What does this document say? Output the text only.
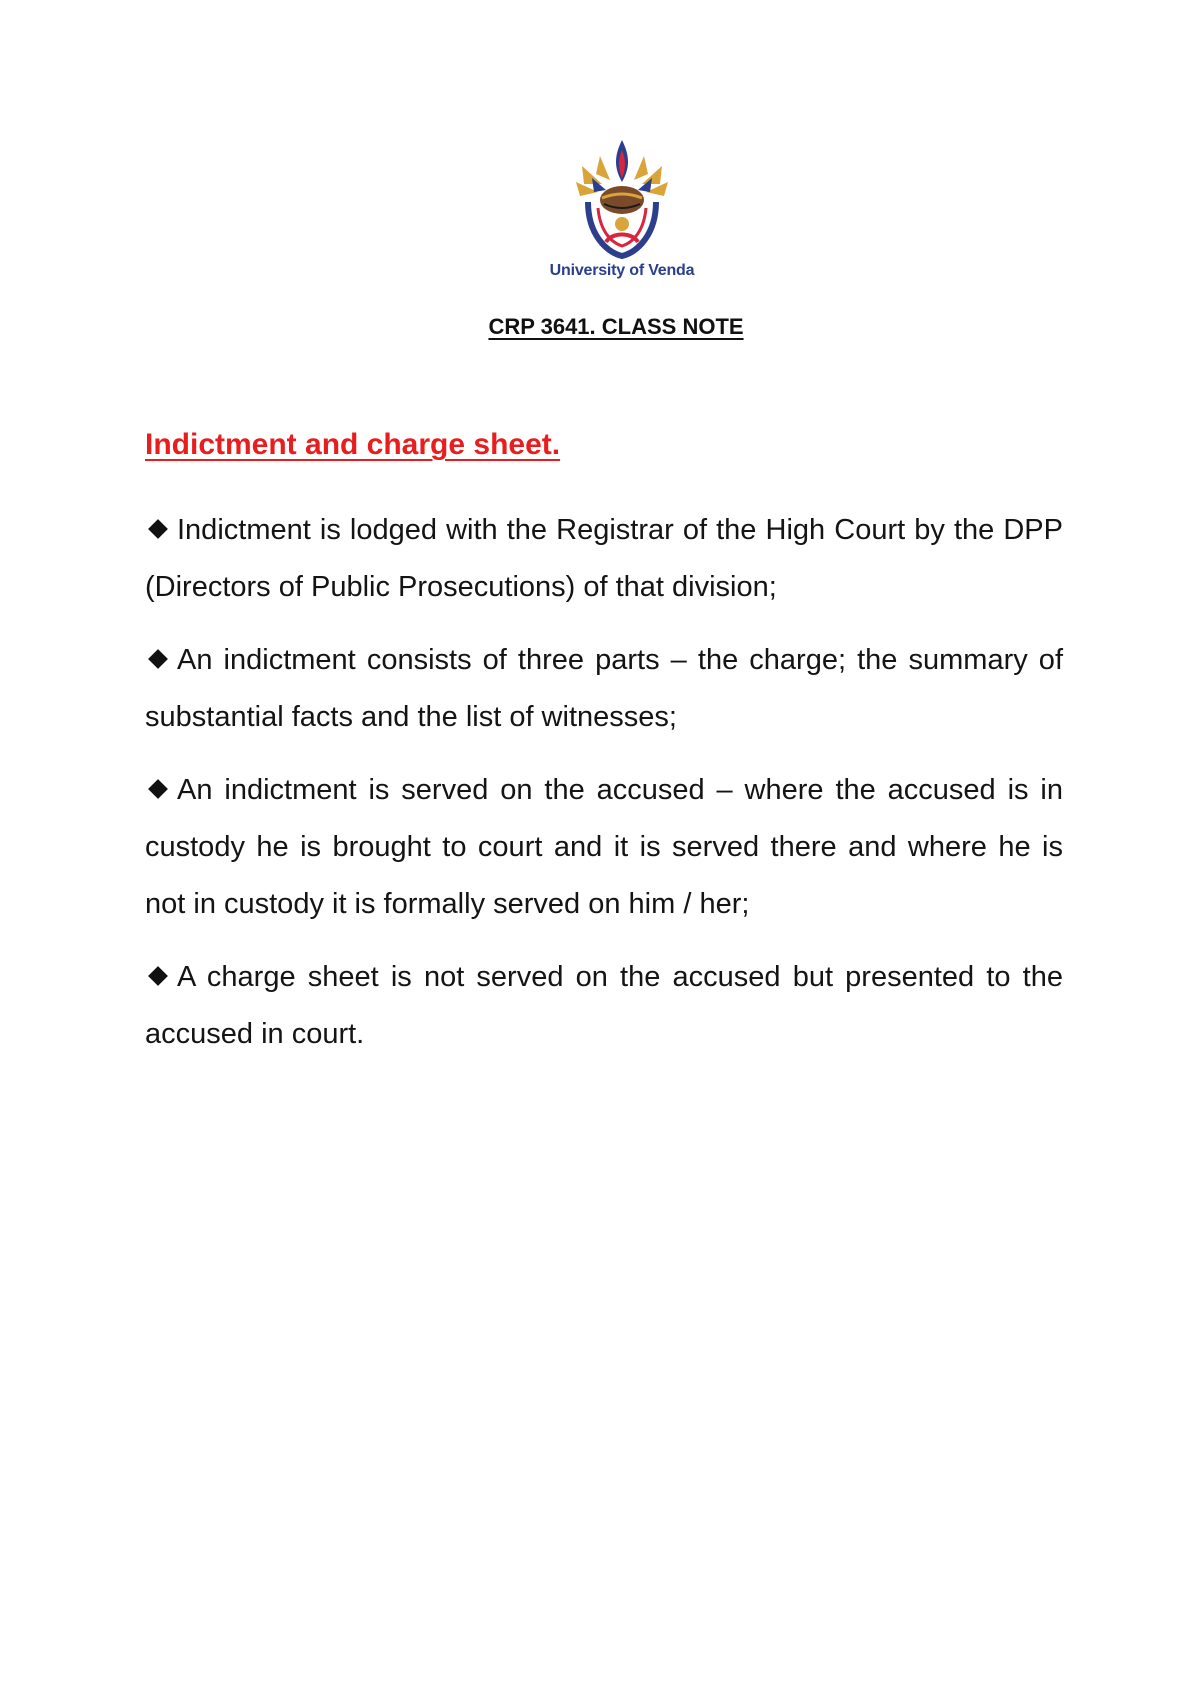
University of Venda
CRP 3641. CLASS NOTE
Indictment and charge sheet.

Indictment is lodged with the Registrar of the High Court by the DPP (Directors of Public Prosecutions) of that division;

An indictment consists of three parts – the charge; the summary of substantial facts and the list of witnesses;

An indictment is served on the accused – where the accused is in custody he is brought to court and it is served there and where he is not in custody it is formally served on him / her;

A charge sheet is not served on the accused but presented to the accused in court.
